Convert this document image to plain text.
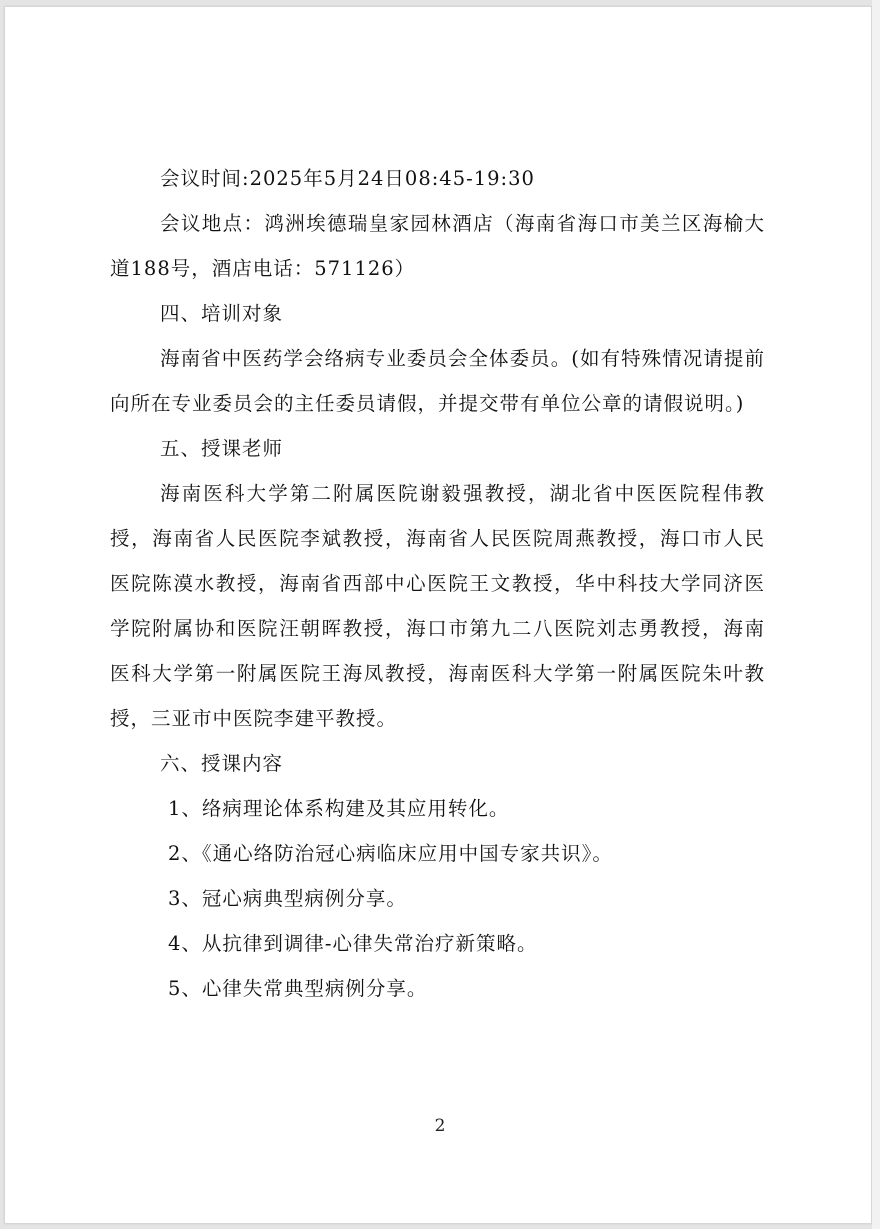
会议时间:2025年5月24日08:45-19:30

会议地点：鸿洲埃德瑞皇家园林酒店（海南省海口市美兰区海榆大道188号，酒店电话：571126）

四、培训对象

海南省中医药学会络病专业委员会全体委员。(如有特殊情况请提前向所在专业委员会的主任委员请假，并提交带有单位公章的请假说明。)

五、授课老师

海南医科大学第二附属医院谢毅强教授，湖北省中医医院程伟教授，海南省人民医院李斌教授，海南省人民医院周燕教授，海口市人民医院陈漠水教授，海南省西部中心医院王文教授，华中科技大学同济医学院附属协和医院汪朝晖教授，海口市第九二八医院刘志勇教授，海南医科大学第一附属医院王海凤教授，海南医科大学第一附属医院朱叶教授，三亚市中医院李建平教授。

六、授课内容

1、络病理论体系构建及其应用转化。

2、《通心络防治冠心病临床应用中国专家共识》。

3、冠心病典型病例分享。

4、从抗律到调律-心律失常治疗新策略。

5、心律失常典型病例分享。

2
